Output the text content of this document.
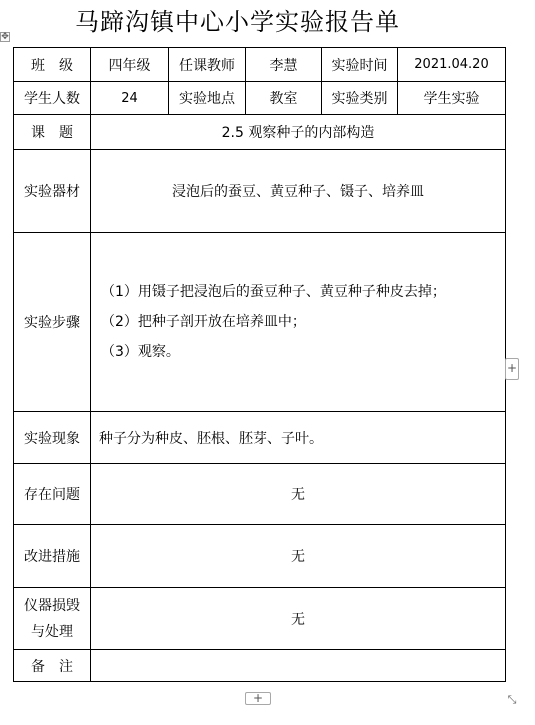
马蹄沟镇中心小学实验报告单
✥
班　级	四年级	任课教师	李慧	实验时间	2021.04.20
学生人数	24	实验地点	教室	实验类别	学生实验
课　题	2.5 观察种子的内部构造				
实验器材	浸泡后的蚕豆、黄豆种子、镊子、培养皿				
实验步骤	（1）用镊子把浸泡后的蚕豆种子、黄豆种子种皮去掉；
（2）把种子剖开放在培养皿中；
（3）观察。				

实验现象	种子分为种皮、胚根、胚芽、子叶。				
存在问题	无				
改进措施	无				

仪器损毁
与处理	无				
备　注					
+
+	⤡
